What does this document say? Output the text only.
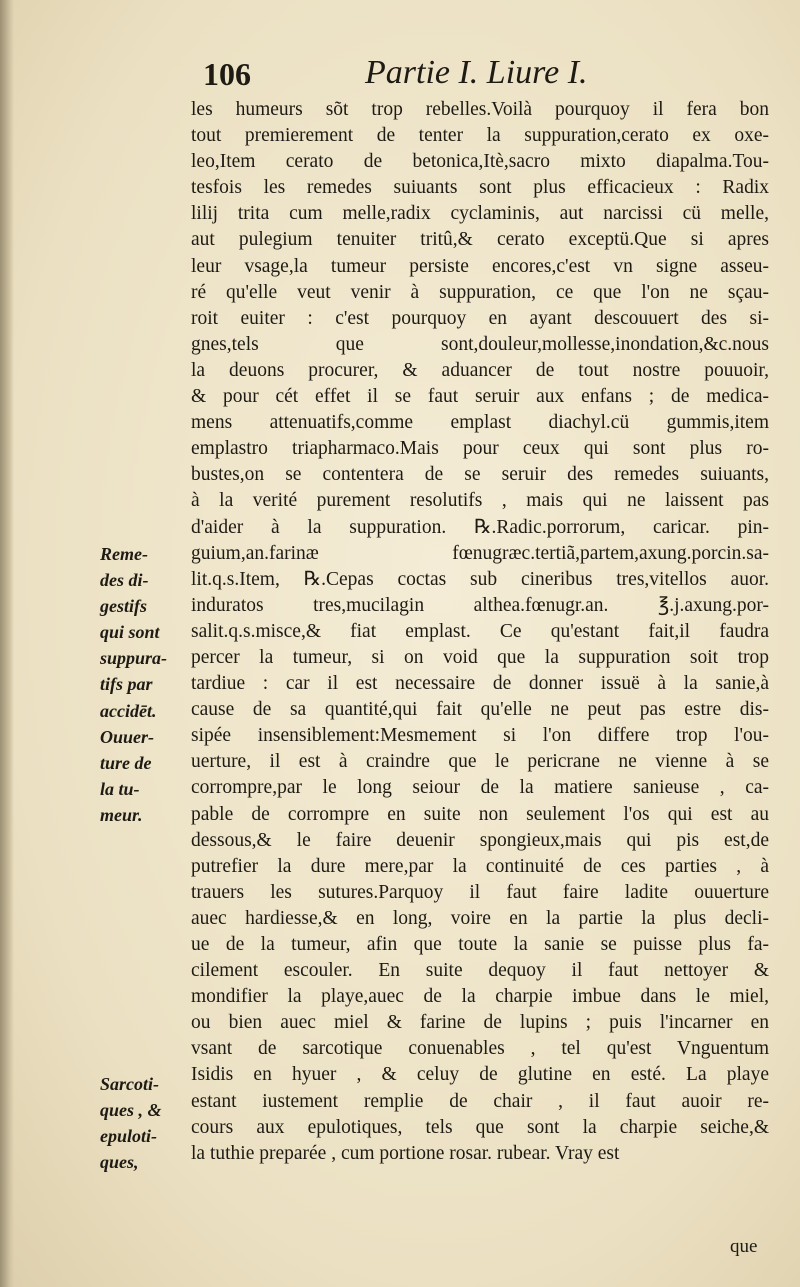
106	Partie I. Liure I.
les humeurs sõt trop rebelles.Voilà pourquoy il fera bon
tout premierement de tenter la suppuration,cerato ex oxe-
leo,Item cerato de betonica,Itè,sacro mixto diapalma.Tou-
tesfois les remedes suiuants sont plus efficacieux : Radix
lilij trita cum melle,radix cyclaminis, aut narcissi cü melle,
aut pulegium tenuiter tritû,& cerato exceptü.Que si apres
leur vsage,la tumeur persiste encores,c'est vn signe asseu-
ré qu'elle veut venir à suppuration, ce que l'on ne sçau-
roit euiter : c'est pourquoy en ayant descouuert des si-
gnes,tels que sont,douleur,mollesse,inondation,&c.nous
la deuons procurer, & aduancer de tout nostre pouuoir,
& pour cét effet il se faut seruir aux enfans ; de medica-
mens attenuatifs,comme emplast diachyl.cü gummis,item
emplastro triapharmaco.Mais pour ceux qui sont plus ro-
bustes,on se contentera de se seruir des remedes suiuants,
à la verité purement resolutifs , mais qui ne laissent pas
d'aider à la suppuration. ℞.Radic.porrorum, caricar. pin-
guium,an.farinæ fœnugræc.tertiã,partem,axung.porcin.sa-
lit.q.s.Item, ℞.Cepas coctas sub cineribus tres,vitellos auor.
induratos tres,mucilagin althea.fœnugr.an. ℥.j.axung.por-
salit.q.s.misce,& fiat emplast. Ce qu'estant fait,il faudra
percer la tumeur, si on void que la suppuration soit trop
tardiue : car il est necessaire de donner issuë à la sanie,à
cause de sa quantité,qui fait qu'elle ne peut pas estre dis-
sipée insensiblement:Mesmement si l'on differe trop l'ou-
uerture, il est à craindre que le pericrane ne vienne à se
corrompre,par le long seiour de la matiere sanieuse , ca-
pable de corrompre en suite non seulement l'os qui est au
dessous,& le faire deuenir spongieux,mais qui pis est,de
putrefier la dure mere,par la continuité de ces parties , à
trauers les sutures.Parquoy il faut faire ladite ouuerture
auec hardiesse,& en long, voire en la partie la plus decli-
ue de la tumeur, afin que toute la sanie se puisse plus fa-
cilement escouler. En suite dequoy il faut nettoyer &
mondifier la playe,auec de la charpie imbue dans le miel,
ou bien auec miel & farine de lupins ; puis l'incarner en
vsant de sarcotique conuenables , tel qu'est Vnguentum
Isidis en hyuer , & celuy de glutine en esté. La playe
estant iustement remplie de chair , il faut auoir re-
cours aux epulotiques, tels que sont la charpie seiche,&
la tuthie preparée , cum portione rosar. rubear. Vray est
Reme-
des di-
gestifs
qui sont
suppura-
tifs par
accidēt.
Ouuer-
ture de
la tu-
meur.
Sarcoti-
ques , &
epuloti-
ques,
que
